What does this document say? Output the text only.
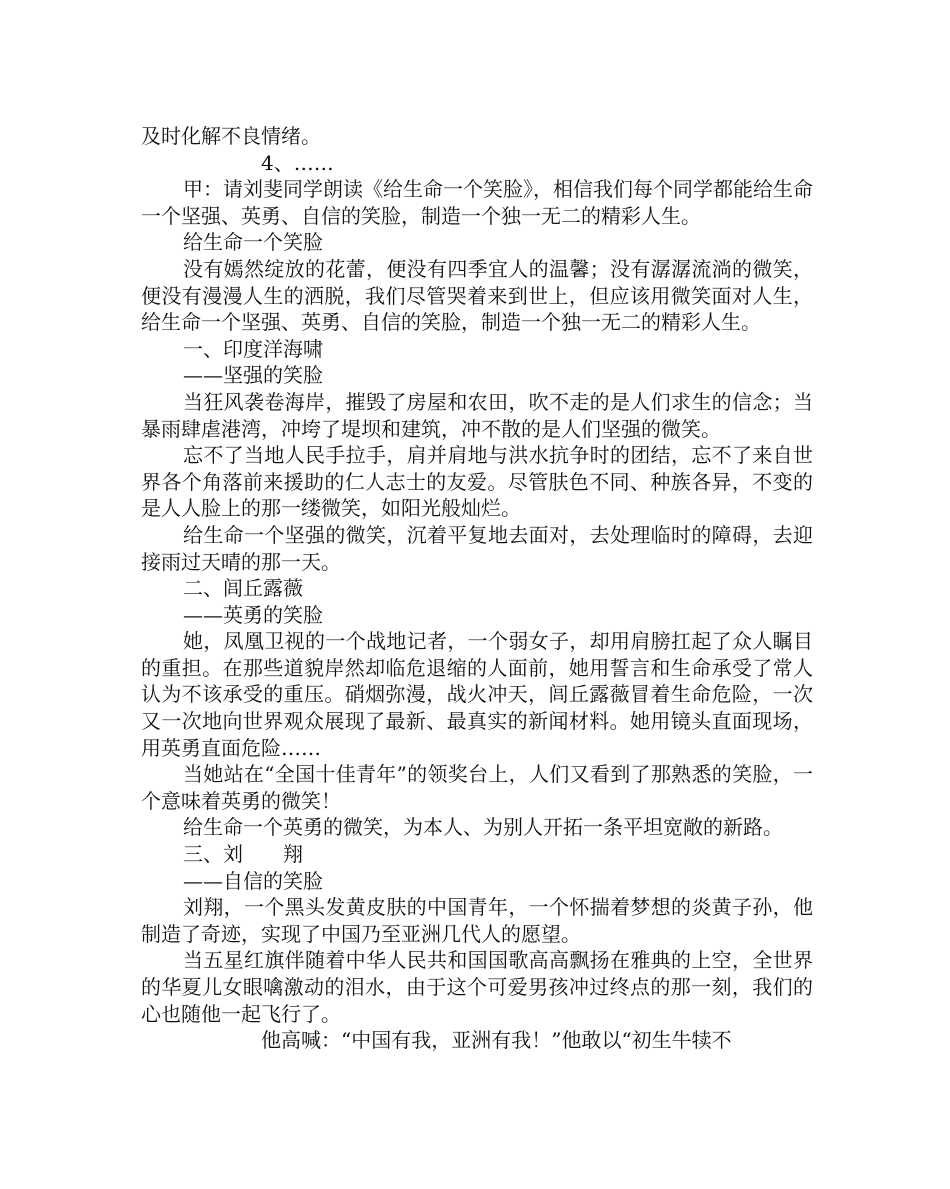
及时化解不良情绪。

4、……

甲：请刘斐同学朗读《给生命一个笑脸》，相信我们每个同学都能给生命一个坚强、英勇、自信的笑脸，制造一个独一无二的精彩人生。

给生命一个笑脸

没有嫣然绽放的花蕾，便没有四季宜人的温馨；没有潺潺流淌的微笑，便没有漫漫人生的洒脱，我们尽管哭着来到世上，但应该用微笑面对人生，给生命一个坚强、英勇、自信的笑脸，制造一个独一无二的精彩人生。

一、印度洋海啸

——坚强的笑脸

当狂风袭卷海岸，摧毁了房屋和农田，吹不走的是人们求生的信念；当暴雨肆虐港湾，冲垮了堤坝和建筑，冲不散的是人们坚强的微笑。

忘不了当地人民手拉手，肩并肩地与洪水抗争时的团结，忘不了来自世界各个角落前来援助的仁人志士的友爱。尽管肤色不同、种族各异，不变的是人人脸上的那一缕微笑，如阳光般灿烂。

给生命一个坚强的微笑，沉着平复地去面对，去处理临时的障碍，去迎接雨过天晴的那一天。

二、闾丘露薇

——英勇的笑脸

她，凤凰卫视的一个战地记者，一个弱女子，却用肩膀扛起了众人瞩目的重担。在那些道貌岸然却临危退缩的人面前，她用誓言和生命承受了常人认为不该承受的重压。硝烟弥漫，战火冲天，闾丘露薇冒着生命危险，一次又一次地向世界观众展现了最新、最真实的新闻材料。她用镜头直面现场，用英勇直面危险……

当她站在“全国十佳青年”的领奖台上，人们又看到了那熟悉的笑脸，一个意味着英勇的微笑！

给生命一个英勇的微笑，为本人、为别人开拓一条平坦宽敞的新路。

三、刘　　翔

——自信的笑脸

刘翔，一个黑头发黄皮肤的中国青年，一个怀揣着梦想的炎黄子孙，他制造了奇迹，实现了中国乃至亚洲几代人的愿望。

当五星红旗伴随着中华人民共和国国歌高高飘扬在雅典的上空，全世界的华夏儿女眼噙激动的泪水，由于这个可爱男孩冲过终点的那一刻，我们的心也随他一起飞行了。

他高喊：“中国有我，亚洲有我！”他敢以“初生牛犊不
